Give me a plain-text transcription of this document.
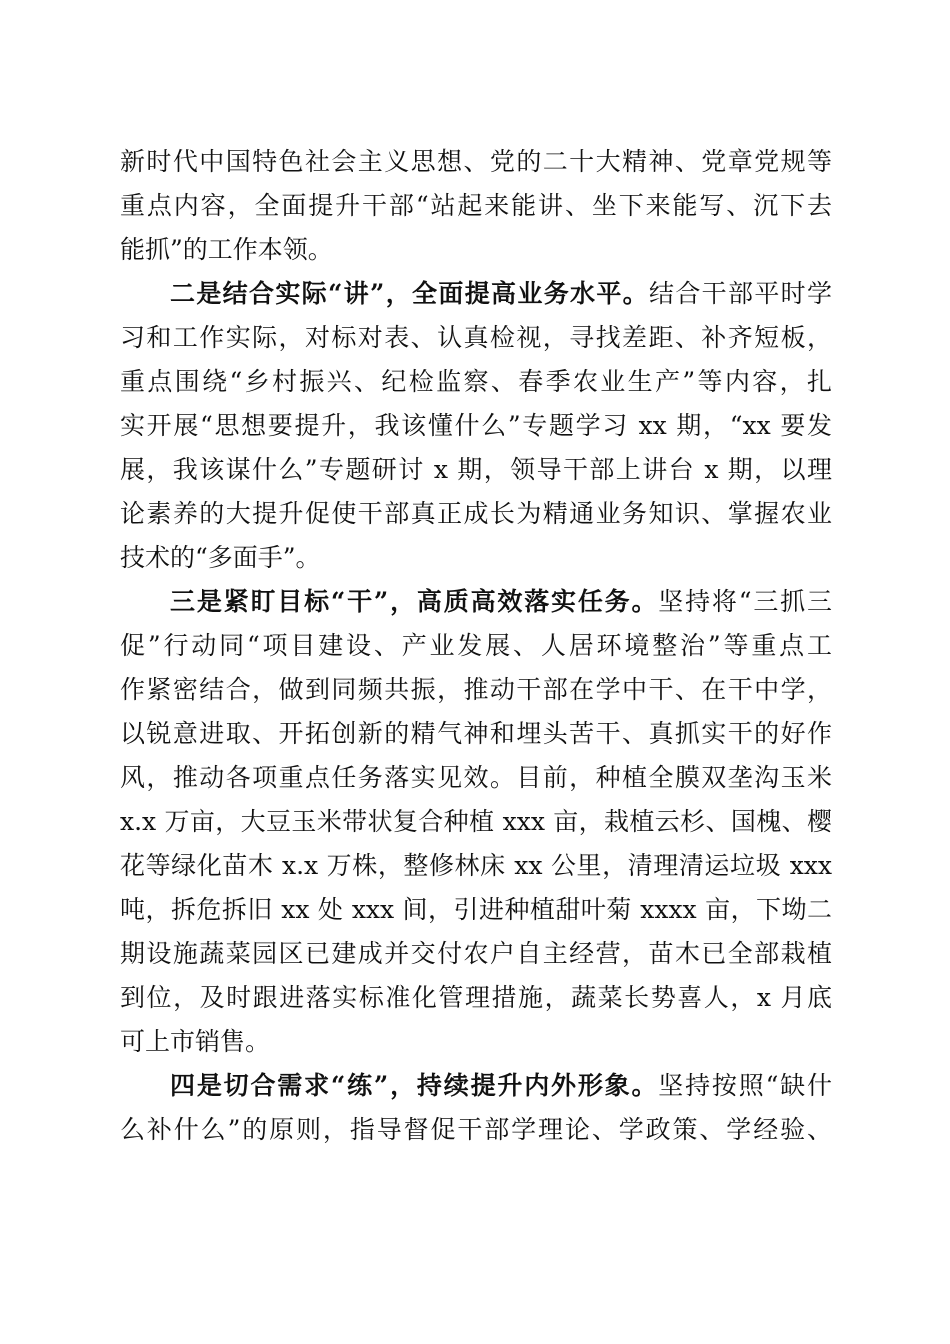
新时代中国特色社会主义思想、党的二十大精神、党章党规等
重点内容，全面提升干部“站起来能讲、坐下来能写、沉下去
能抓”的工作本领。
二是结合实际“讲”，全面提高业务水平。结合干部平时学
习和工作实际，对标对表、认真检视，寻找差距、补齐短板，
重点围绕“乡村振兴、纪检监察、春季农业生产”等内容，扎
实开展“思想要提升，我该懂什么”专题学习 xx 期，“xx 要发
展，我该谋什么”专题研讨 x 期，领导干部上讲台 x 期，以理
论素养的大提升促使干部真正成长为精通业务知识、掌握农业
技术的“多面手”。
三是紧盯目标“干”，高质高效落实任务。坚持将“三抓三
促”行动同“项目建设、产业发展、人居环境整治”等重点工
作紧密结合，做到同频共振，推动干部在学中干、在干中学，
以锐意进取、开拓创新的精气神和埋头苦干、真抓实干的好作
风，推动各项重点任务落实见效。目前，种植全膜双垄沟玉米
x.x 万亩，大豆玉米带状复合种植 xxx 亩，栽植云杉、国槐、樱
花等绿化苗木 x.x 万株，整修林床 xx 公里，清理清运垃圾 xxx
吨，拆危拆旧 xx 处 xxx 间，引进种植甜叶菊 xxxx 亩，下坳二
期设施蔬菜园区已建成并交付农户自主经营，苗木已全部栽植
到位，及时跟进落实标准化管理措施，蔬菜长势喜人，x 月底
可上市销售。
四是切合需求“练”，持续提升内外形象。坚持按照“缺什
么补什么”的原则，指导督促干部学理论、学政策、学经验、
